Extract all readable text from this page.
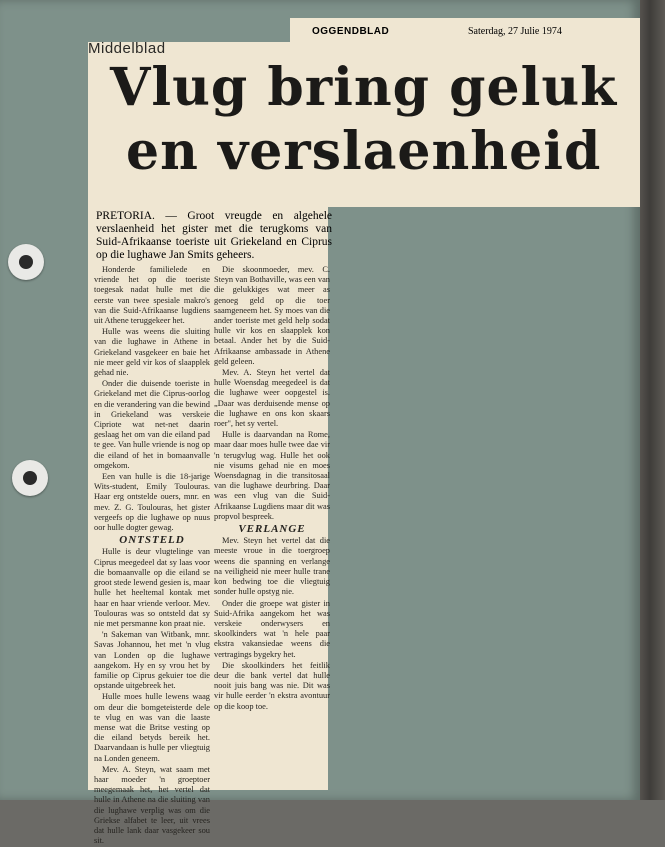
OGGENDBLAD	Saterdag, 27 Julie 1974
Middelblad
Vlug bring geluk
en verslaenheid
PRETORIA. — Groot vreugde en algehele verslaenheid het gister met die terugkoms van Suid-Afrikaanse toeriste uit Griekeland en Ciprus op die lughawe Jan Smits geheers.

Honderde familielede en vriende het op die toeriste toegesak nadat hulle met die eerste van twee spesiale makro's van die Suid-Afrikaanse lugdiens uit Athene teruggekeer het.

Hulle was weens die sluiting van die lughawe in Athene in Griekeland vasgekeer en baie het nie meer geld vir kos of slaapplek gehad nie.

Onder die duisende toeriste in Griekeland met die Ciprus-oorlog en die verandering van die bewind in Griekeland was verskeie Cipriote wat net-net daarin geslaag het om van die eiland pad te gee. Van hulle vriende is nog op die eiland of het in bomaanvalle omgekom.

Een van hulle is die 18-jarige Wits-student, Emily Toulouras. Haar erg ontstelde ouers, mnr. en mev. Z. G. Toulouras, het gister vergeefs op die lughawe op nuus oor hulle dogter gewag.

ONTSTELD

Hulle is deur vlugtelinge van Ciprus meegedeel dat sy laas voor die bomaanvalle op die eiland se groot stede lewend gesien is, maar hulle het heeltemal kontak met haar en haar vriende verloor. Mev. Toulouras was so ontsteld dat sy nie met persmanne kon praat nie.

'n Sakeman van Witbank, mnr. Savas Johannou, het met 'n vlug van Londen op die lughawe aangekom. Hy en sy vrou het by familie op Ciprus gekuier toe die opstande uitgebreek het.

Hulle moes hulle lewens waag om deur die bomgeteisterde dele te vlug en was van die laaste mense wat die Britse vesting op die eiland betyds bereik het. Daarvandaan is hulle per vliegtuig na Londen geneem.

Mev. A. Steyn, wat saam met haar moeder 'n groeptoer meegemaak het, het vertel dat hulle in Athene na die sluiting van die lughawe verplig was om die Griekse alfabet te leer, uit vrees dat hulle lank daar vasgekeer sou sit.

Die skoonmoeder, mev. C. Steyn van Bothaville, was een van die gelukkiges wat meer as genoeg geld op die toer saamgeneem het. Sy moes van die ander toeriste met geld help sodat hulle vir kos en slaapplek kon betaal. Ander het by die Suid-Afrikaanse ambassade in Athene geld geleen.

Mev. A. Steyn het vertel dat hulle Woensdag meegedeel is dat die lughawe weer oopgestel is. „Daar was derduisende mense op die lughawe en ons kon skaars roer", het sy vertel.

Hulle is daarvandan na Rome, maar daar moes hulle twee dae vir 'n terugvlug wag. Hulle het ook nie visums gehad nie en moes Woensdagnag in die transitosaal van die lughawe deurbring. Daar was een vlug van die Suid-Afrikaanse Lugdiens maar dit was propvol bespreek.

VERLANGE

Mev. Steyn het vertel dat die meeste vroue in die toergroep weens die spanning en verlange na veiligheid nie meer hulle trane kon bedwing toe die vliegtuig sonder hulle opstyg nie.

Onder die groepe wat gister in Suid-Afrika aangekom het was verskeie onderwysers en skoolkinders wat 'n hele paar ekstra vakansiedae weens die vertragings bygekry het.

Die skoolkinders het feitlik deur die bank vertel dat hulle nooit juis bang was nie. Dit was vir hulle eerder 'n ekstra avontuur op die koop toe.
